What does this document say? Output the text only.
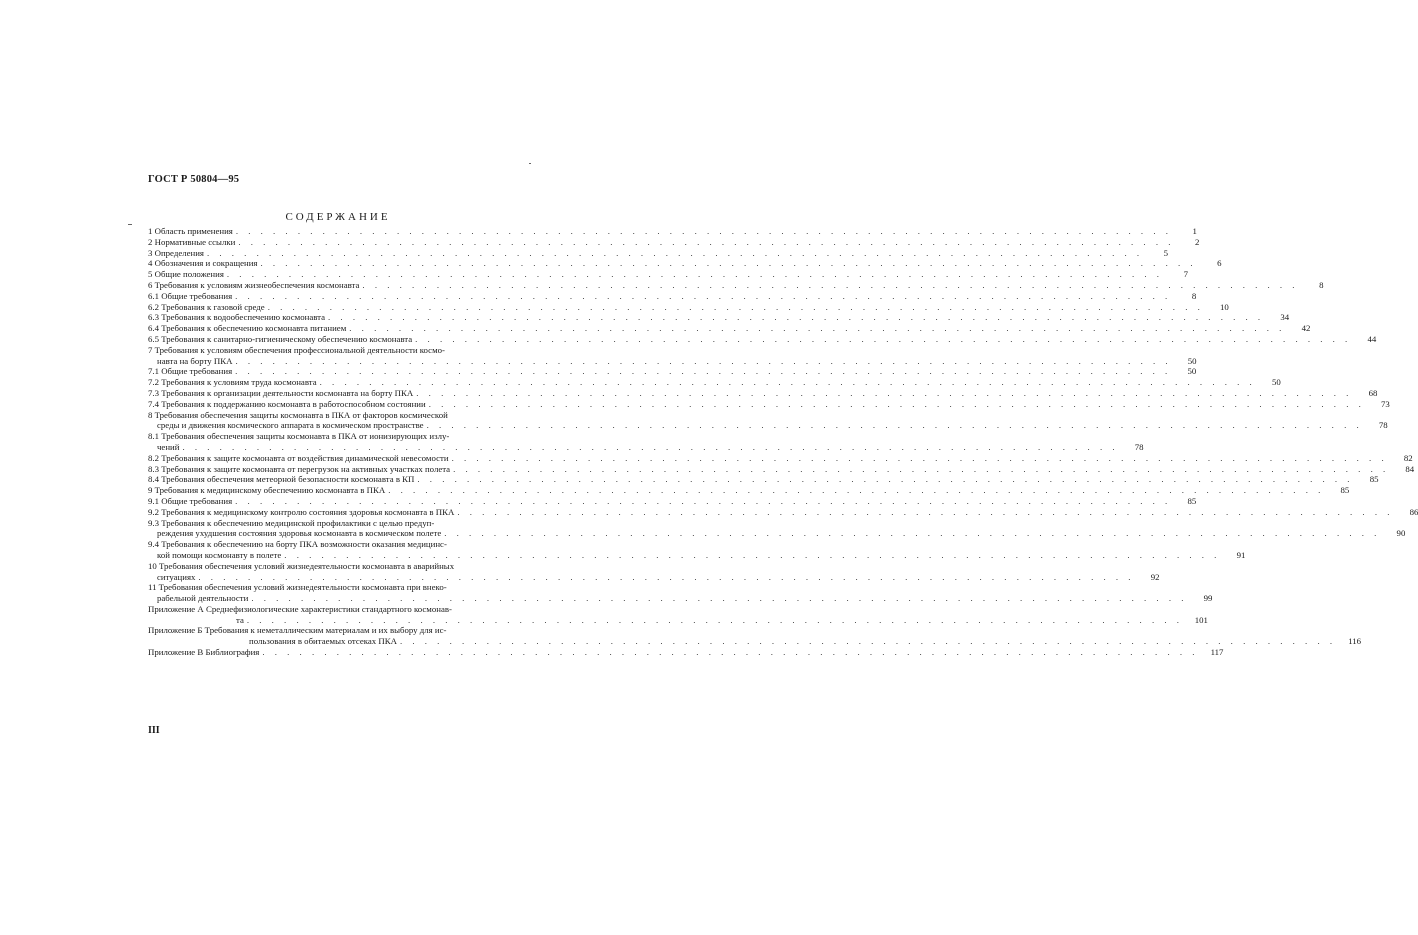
ГОСТ Р 50804—95
СОДЕРЖАНИЕ
1 Область применения . . .	1
2 Нормативные ссылки . . .	2
3 Определения . . .	5
4 Обозначения и сокращения . . .	6
5 Общие положения . . .	7
6 Требования к условиям жизнеобеспечения космонавта . . .	8
6.1 Общие требования . . .	8
6.2 Требования к газовой среде . . .	10
6.3 Требования к водообеспечению космонавта . . .	34
6.4 Требования к обеспечению космонавта питанием . . .	42
6.5 Требования к санитарно-гигиеническому обеспечению космонавта . . .	44
7 Требования к условиям обеспечения профессиональной деятельности космо-
навта на борту ПКА . . .	50
7.1 Общие требования . . .	50
7.2 Требования к условиям труда космонавта . . .	50
7.3 Требования к организации деятельности космонавта на борту ПКА . . .	68
7.4 Требования к поддержанию космонавта в работоспособном состоянии . . .	73
8 Требования обеспечения защиты космонавта в ПКА от факторов космической
среды и движения космического аппарата в космическом пространстве . . .	78
8.1 Требования обеспечения защиты космонавта в ПКА от ионизирующих излу-
чений . . .	78
8.2 Требования к защите космонавта от воздействия динамической невесомости . . .	82
8.3 Требования к защите космонавта от перегрузок на активных участках полета . . .	84
8.4 Требования обеспечения метеорной безопасности космонавта в КП . . .	85
9 Требования к медицинскому обеспечению космонавта в ПКА . . .	85
9.1 Общие требования . . .	85
9.2 Требования к медицинскому контролю состояния здоровья космонавта в ПКА . . .	86
9.3 Требования к обеспечению медицинской профилактики с целью предуп-
реждения ухудшения состояния здоровья космонавта в космическом полете . . .	90
9.4 Требования к обеспечению на борту ПКА возможности оказания медицинс-
кой помощи космонавту в полете . . .	91
10 Требования обеспечения условий жизнедеятельности космонавта в аварийных
ситуациях . . .	92
11 Требования обеспечения условий жизнедеятельности космонавта при внеко-
рабельной деятельности . . .	99
Приложение А Среднефизиологические характеристики стандартного космонав-
та . . .	101
Приложение Б Требования к неметаллическим материалам и их выбору для ис-
пользования в обитаемых отсеках ПКА . . .	116
Приложение В Библиография . . .	117
III
